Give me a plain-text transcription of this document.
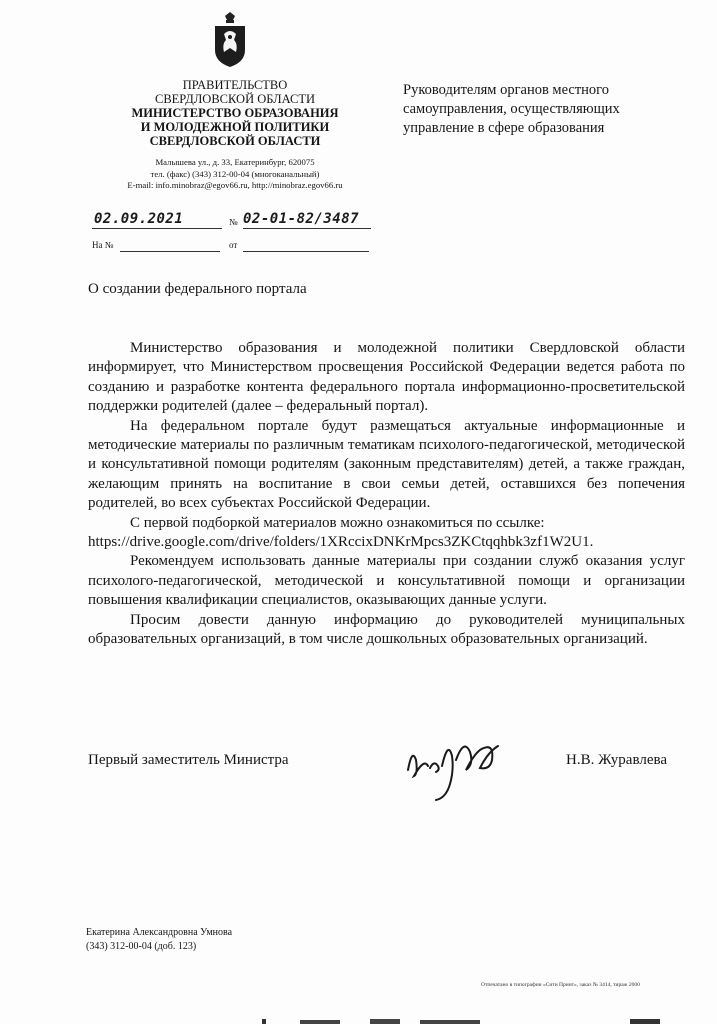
ПРАВИТЕЛЬСТВО
СВЕРДЛОВСКОЙ ОБЛАСТИ
МИНИСТЕРСТВО ОБРАЗОВАНИЯ
И МОЛОДЕЖНОЙ ПОЛИТИКИ
СВЕРДЛОВСКОЙ ОБЛАСТИ
Малышева ул., д. 33, Екатеринбург, 620075
тел. (факс) (343) 312-00-04 (многоканальный)
E-mail: info.minobraz@egov66.ru, http://minobraz.egov66.ru
02.09.2021	№ 02-01-82/3487
На №	от
Руководителям органов местного
самоуправления, осуществляющих
управление в сфере образования
О создании федерального портала

Министерство образования и молодежной политики Свердловской области информирует, что Министерством просвещения Российской Федерации ведется работа по созданию и разработке контента федерального портала информационно-просветительской поддержки родителей (далее – федеральный портал).

На федеральном портале будут размещаться актуальные информационные и методические материалы по различным тематикам психолого-педагогической, методической и консультативной помощи родителям (законным представителям) детей, а также граждан, желающим принять на воспитание в свои семьи детей, оставшихся без попечения родителей, во всех субъектах Российской Федерации.

С первой подборкой материалов можно ознакомиться по ссылке:

https://drive.google.com/drive/folders/1XRccixDNKrMpcs3ZKCtqqhbk3zf1W2U1.

Рекомендуем использовать данные материалы при создании служб оказания услуг психолого-педагогической, методической и консультативной помощи и организации повышения квалификации специалистов, оказывающих данные услуги.

Просим довести данную информацию до руководителей муниципальных образовательных организаций, в том числе дошкольных образовательных организаций.

Первый заместитель Министра	Н.В. Журавлева
Екатерина Александровна Умнова
(343) 312-00-04 (доб. 123)
Отпечатано в типографии «Сити Принт», заказ № 3414, тираж 2000
